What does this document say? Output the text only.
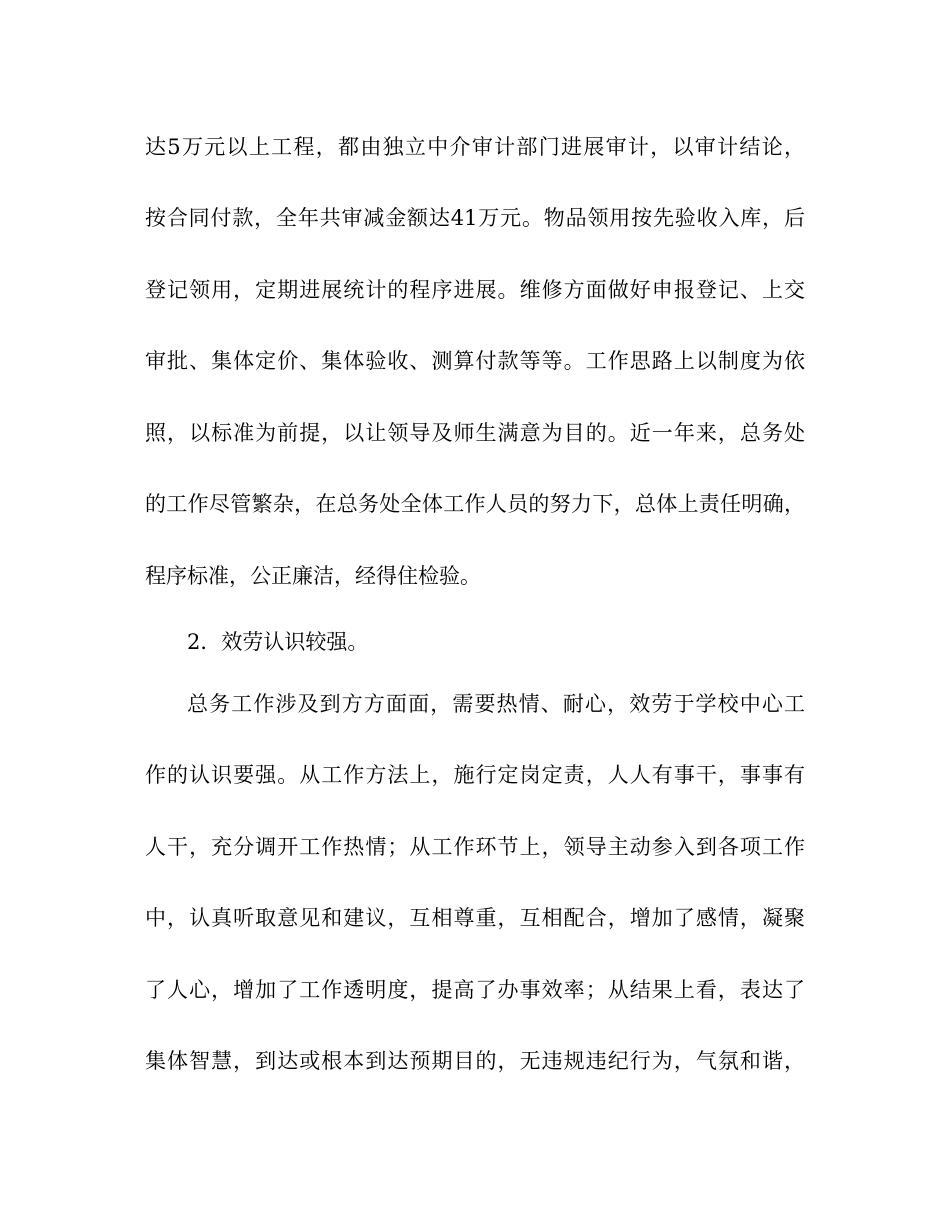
达5万元以上工程，都由独立中介审计部门进展审计，以审计结论，
按合同付款，全年共审减金额达41万元。物品领用按先验收入库，后
登记领用，定期进展统计的程序进展。维修方面做好申报登记、上交
审批、集体定价、集体验收、测算付款等等。工作思路上以制度为依
照，以标准为前提，以让领导及师生满意为目的。近一年来，总务处
的工作尽管繁杂，在总务处全体工作人员的努力下，总体上责任明确，
程序标准，公正廉洁，经得住检验。
2．效劳认识较强。
总务工作涉及到方方面面，需要热情、耐心，效劳于学校中心工
作的认识要强。从工作方法上，施行定岗定责，人人有事干，事事有
人干，充分调开工作热情；从工作环节上，领导主动参入到各项工作
中，认真听取意见和建议，互相尊重，互相配合，增加了感情，凝聚
了人心，增加了工作透明度，提高了办事效率；从结果上看，表达了
集体智慧，到达或根本到达预期目的，无违规违纪行为，气氛和谐，
